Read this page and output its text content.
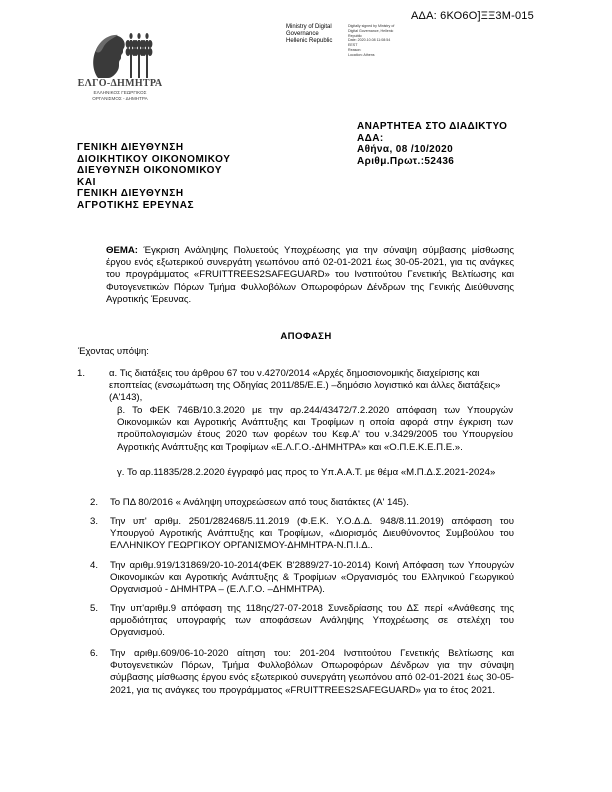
ΑΔΑ: 6ΚΟ6Ο]ΞΞ3Μ-015
ΕΛΓΟ-ΔΗΜΗΤΡΑ
ΕΛΛΗΝΙΚΟΣ ΓΕΩΡΓΙΚΟΣ
ΟΡΓΑΝΙΣΜΟΣ - ΔΗΜΗΤΡΑ
Ministry of Digital
Governance
Hellenic Republic
Digitally signed by Ministry of
Digital Governance, Hellenic
Republic
Date: 2020.10.08 11:08:54
EEST
Reason:
Location: Athens
ΑΝΑΡΤΗΤΕΑ ΣΤΟ ΔΙΑΔΙΚΤΥΟ
ΑΔΑ:
Αθήνα, 08 /10/2020
Αριθμ.Πρωτ.:52436
ΓΕΝΙΚΗ ΔΙΕΥΘΥΝΣΗ
ΔΙΟΙΚΗΤΙΚΟΥ ΟΙΚΟΝΟΜΙΚΟΥ
ΔΙΕΥΘΥΝΣΗ ΟΙΚΟΝΟΜΙΚΟΥ
ΚΑΙ
ΓΕΝΙΚΗ ΔΙΕΥΘΥΝΣΗ
ΑΓΡΟΤΙΚΗΣ ΕΡΕΥΝΑΣ
ΘΕΜΑ: Έγκριση Ανάληψης Πολυετούς Υποχρέωσης για την σύναψη σύμβασης μίσθωσης έργου ενός εξωτερικού συνεργάτη γεωπόνου από 02-01-2021 έως 30-05-2021, για τις ανάγκες του προγράμματος «FRUITTREES2SAFEGUARD» του Ινστιτούτου Γενετικής Βελτίωσης και Φυτογενετικών Πόρων Τμήμα Φυλλοβόλων Οπωροφόρων Δένδρων της Γενικής Διεύθυνσης Αγροτικής Έρευνας.
ΑΠΟΦΑΣΗ
Έχοντας υπόψη:
1. α. Τις διατάξεις του άρθρου 67 του ν.4270/2014 «Αρχές δημοσιονομικής διαχείρισης και εποπτείας (ενσωμάτωση της Οδηγίας 2011/85/Ε.Ε.) –δημόσιο λογιστικό και άλλες διατάξεις» (Α'143),
β. Το ΦΕΚ 746Β/10.3.2020 με την αρ.244/43472/7.2.2020 απόφαση των Υπουργών Οικονομικών και Αγροτικής Ανάπτυξης και Τροφίμων η οποία αφορά στην έγκριση των προϋπολογισμών έτους 2020 των φορέων του Κεφ.Α' του ν.3429/2005 του Υπουργείου Αγροτικής Ανάπτυξης και Τροφίμων «Ε.Λ.Γ.Ο.-ΔΗΜΗΤΡΑ» και «Ο.Π.Ε.Κ.Ε.Π.Ε.».
γ. Το αρ.11835/28.2.2020 έγγραφό μας προς το Υπ.Α.Α.Τ. με θέμα «Μ.Π.Δ.Σ.2021-2024»
2. Το ΠΔ 80/2016 « Ανάληψη υποχρεώσεων από τους διατάκτες (Α' 145).
3. Την υπ' αριθμ. 2501/282468/5.11.2019 (Φ.Ε.Κ. Υ.Ο.Δ.Δ. 948/8.11.2019) απόφαση του Υπουργού Αγροτικής Ανάπτυξης και Τροφίμων, «Διορισμός Διευθύνοντος Συμβούλου του ΕΛΛΗΝΙΚΟΥ ΓΕΩΡΓΙΚΟΥ ΟΡΓΑΝΙΣΜΟΥ-ΔΗΜΗΤΡΑ-Ν.Π.Ι.Δ..
4. Την αριθμ.919/131869/20-10-2014(ΦΕΚ Β'2889/27-10-2014) Κοινή Απόφαση των Υπουργών Οικονομικών και Αγροτικής Ανάπτυξης & Τροφίμων «Οργανισμός του Ελληνικού Γεωργικού Οργανισμού - ΔΗΜΗΤΡΑ – (Ε.Λ.Γ.Ο. –ΔΗΜΗΤΡΑ).
5. Την υπ'αριθμ.9 απόφαση της 118ης/27-07-2018 Συνεδρίασης του ΔΣ περί «Ανάθεσης της αρμοδιότητας υπογραφής των αποφάσεων Ανάληψης Υποχρέωσης σε στελέχη του Οργανισμού.
6. Την αριθμ.609/06-10-2020 αίτηση του: 201-204 Ινστιτούτου Γενετικής Βελτίωσης και Φυτογενετικών Πόρων, Τμήμα Φυλλοβόλων Οπωροφόρων Δένδρων για την σύναψη σύμβασης μίσθωσης έργου ενός εξωτερικού συνεργάτη γεωπόνου από 02-01-2021 έως 30-05-2021, για τις ανάγκες του προγράμματος «FRUITTREES2SAFEGUARD» για το έτος 2021.
